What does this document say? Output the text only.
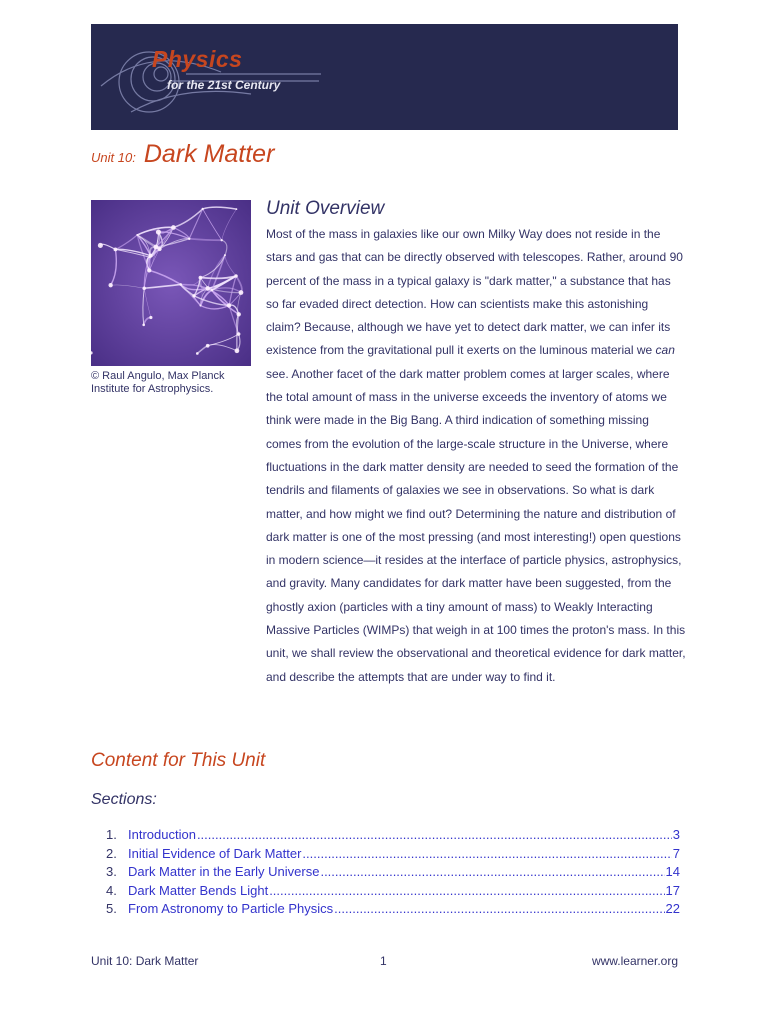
Physics
for the 21st Century
Unit 10: Dark Matter
© Raul Angulo, Max Planck Institute for Astrophysics.
Unit Overview

Most of the mass in galaxies like our own Milky Way does not reside in the stars and gas that can be directly observed with telescopes. Rather, around 90 percent of the mass in a typical galaxy is "dark matter," a substance that has so far evaded direct detection. How can scientists make this astonishing claim? Because, although we have yet to detect dark matter, we can infer its existence from the gravitational pull it exerts on the luminous material we can see. Another facet of the dark matter problem comes at larger scales, where the total amount of mass in the universe exceeds the inventory of atoms we think were made in the Big Bang. A third indication of something missing comes from the evolution of the large-scale structure in the Universe, where fluctuations in the dark matter density are needed to seed the formation of the tendrils and filaments of galaxies we see in observations. So what is dark matter, and how might we find out? Determining the nature and distribution of dark matter is one of the most pressing (and most interesting!) open questions in modern science—it resides at the interface of particle physics, astrophysics, and gravity. Many candidates for dark matter have been suggested, from the ghostly axion (particles with a tiny amount of mass) to Weakly Interacting Massive Particles (WIMPs) that weigh in at 100 times the proton's mass. In this unit, we shall review the observational and theoretical evidence for dark matter, and describe the attempts that are under way to find it.

Content for This Unit
Sections:
1. Introduction .....	3
2. Initial Evidence of Dark Matter .....	7
3. Dark Matter in the Early Universe .....	14
4. Dark Matter Bends Light .....	17
5. From Astronomy to Particle Physics .....	22
Unit 10: Dark Matter	1	www.learner.org
